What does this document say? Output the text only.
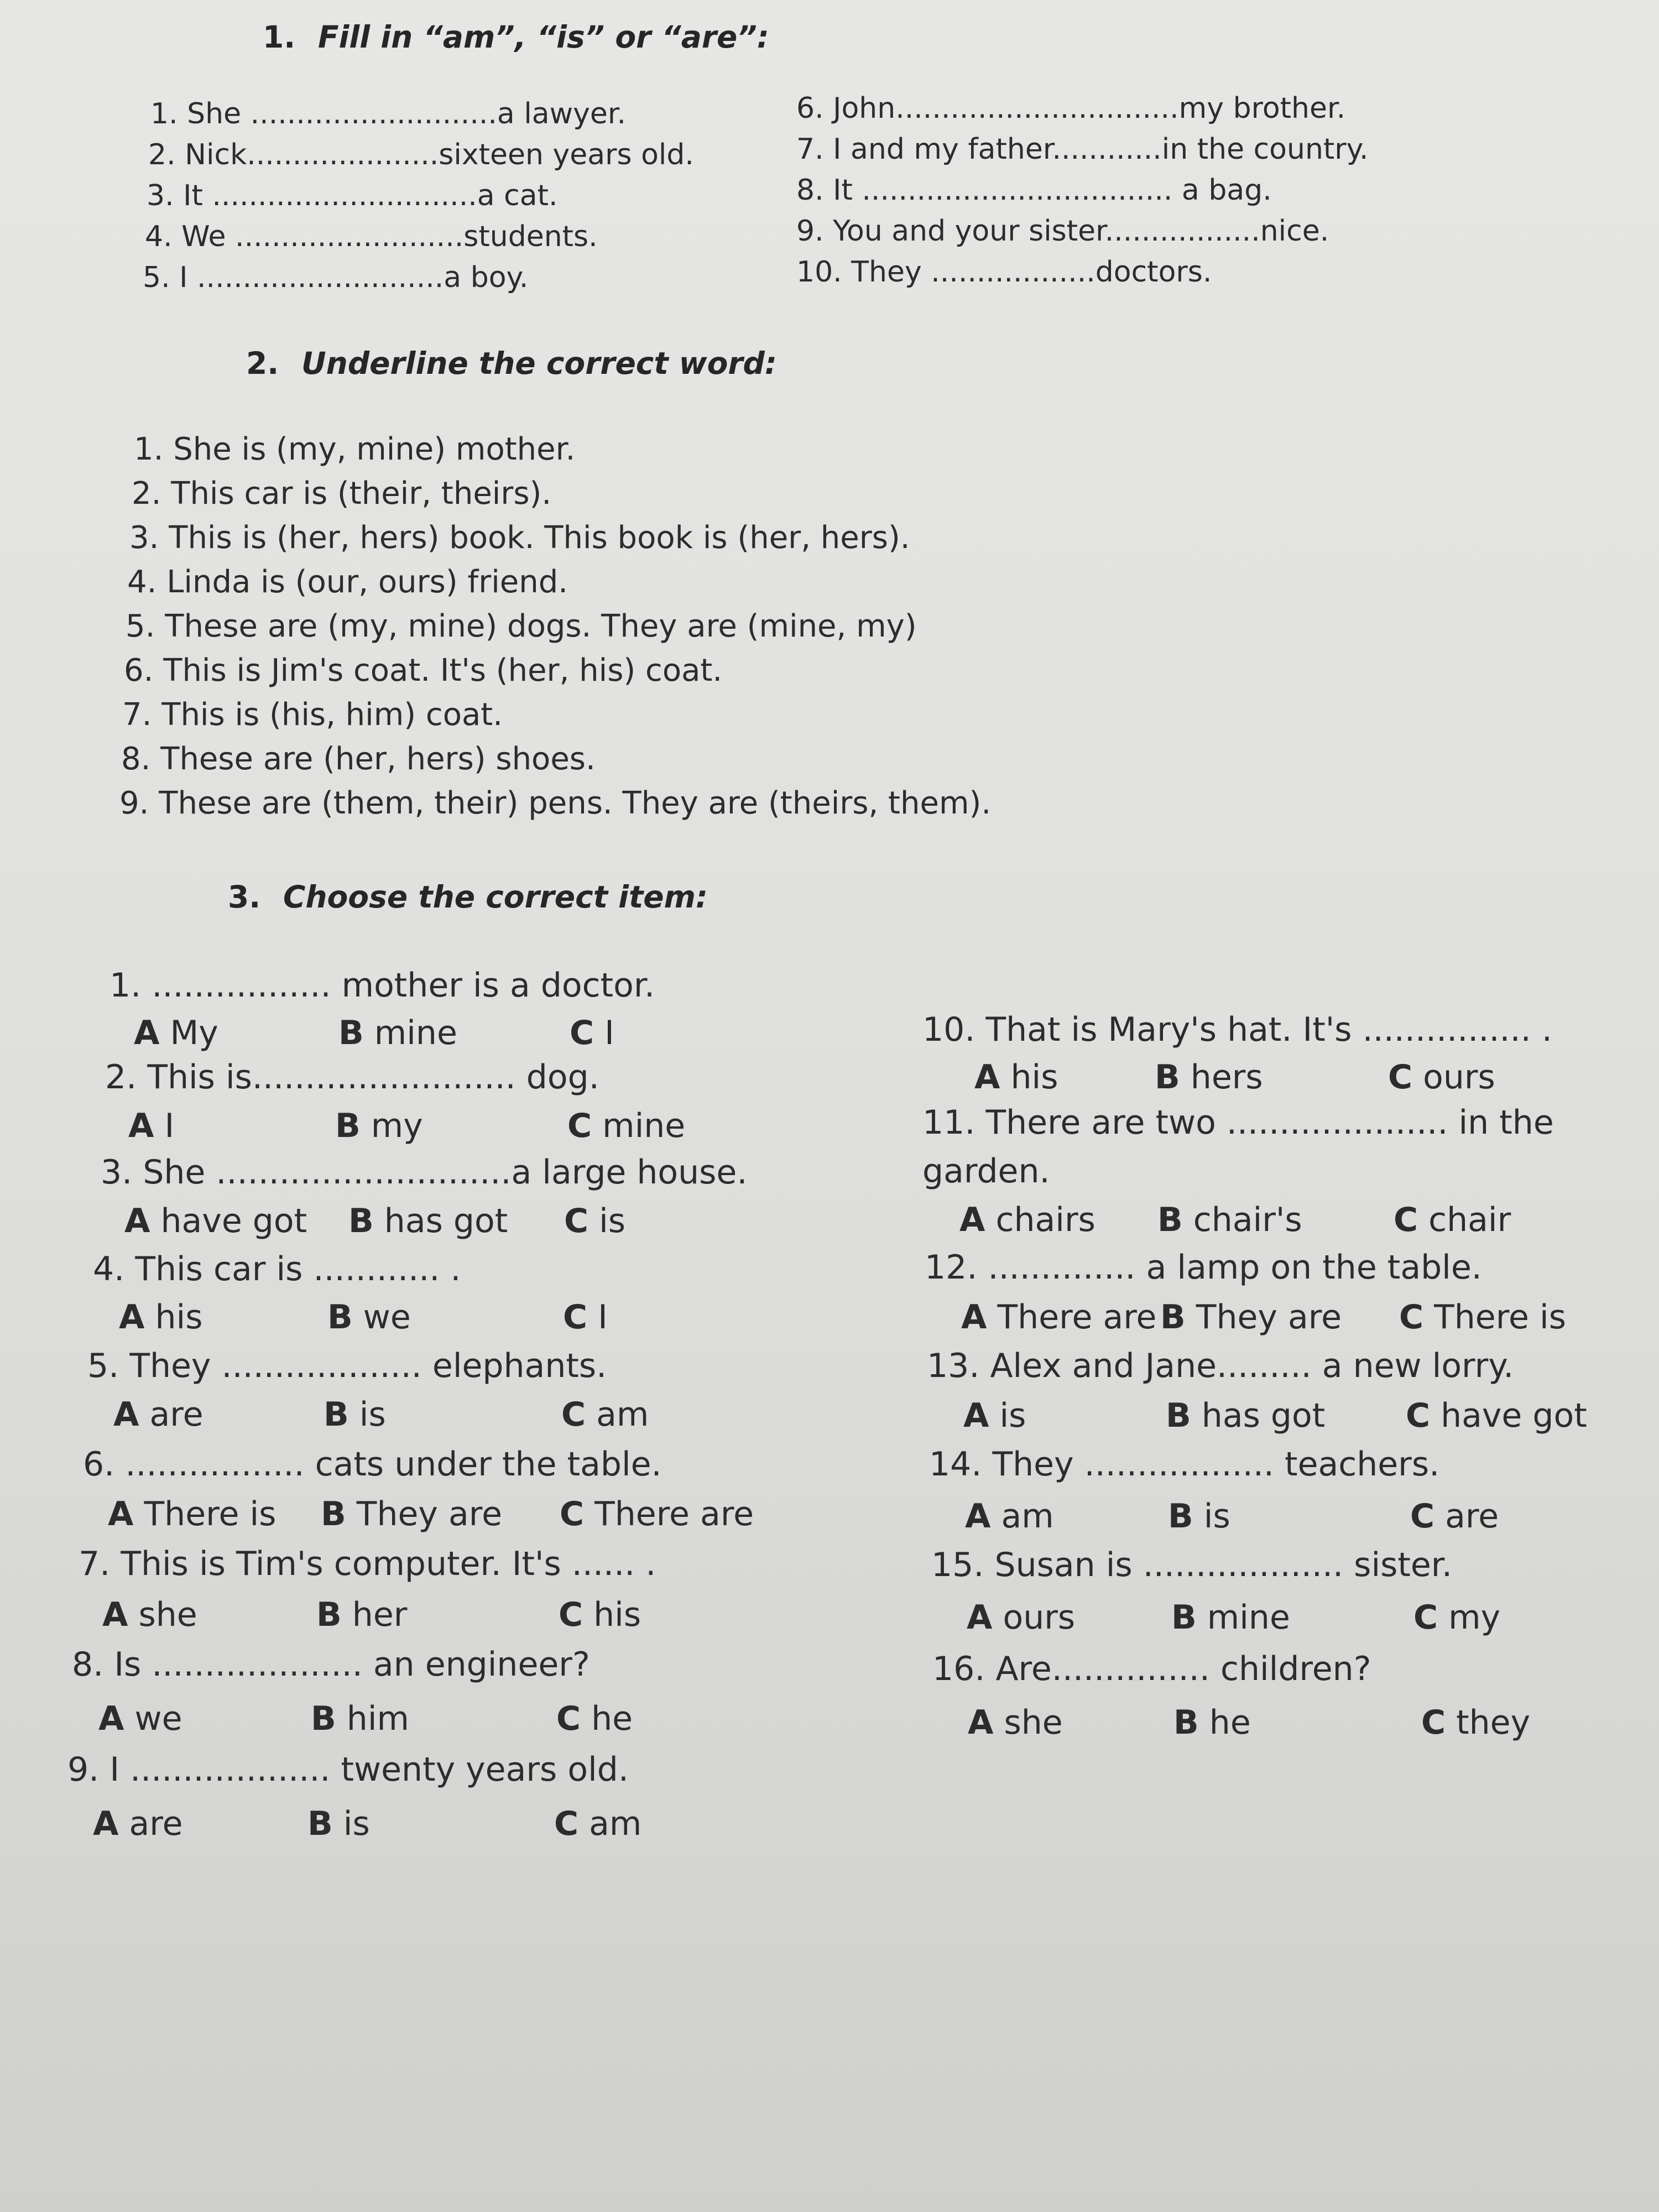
1. Fill in “am”, “is” or “are”:
1. She ...........................a lawyer.
2. Nick.....................sixteen years old.
3. It .............................a cat.
4. We .........................students.
5. I ...........................a boy.
6. John...............................my brother.
7. I and my father............in the country.
8. It .................................. a bag.
9. You and your sister.................nice.
10. They ..................doctors.
2. Underline the correct word:
1. She is (my, mine) mother.
2. This car is (their, theirs).
3. This is (her, hers) book. This book is (her, hers).
4. Linda is (our, ours) friend.
5. These are (my, mine) dogs. They are (mine, my)
6. This is Jim's coat. It's (her, his) coat.
7. This is (his, him) coat.
8. These are (her, hers) shoes.
9. These are (them, their) pens. They are (theirs, them).
3. Choose the correct item:
1. ................. mother is a doctor.
2. This is......................... dog.
3. She ............................a large house.
4. This car is ............ .
5. They ................... elephants.
6. ................. cats under the table.
7. This is Tim's computer. It's ...... .
8. Is .................... an engineer?
9. I ................... twenty years old.
A My	B mine	C I
A I	B my	C mine
A have got B has got C is
A his	B we	C I
A are	B is	C am
A There is B They are C There are
A she	B her	C his
A we	B him	C he
A are	B is	C am
10. That is Mary's hat. It's ................ .
11. There are two ..................... in the
garden.
12. .............. a lamp on the table.
13. Alex and Jane......... a new lorry.
14. They .................. teachers.
15. Susan is ................... sister.
16. Are............... children?
A his	B hers	C ours
A chairs B chair's	C chair
A There are B They are C There is
A is	B has got C have got
A am	B is	C are
A ours	B mine	C my
A she	B he	C they
